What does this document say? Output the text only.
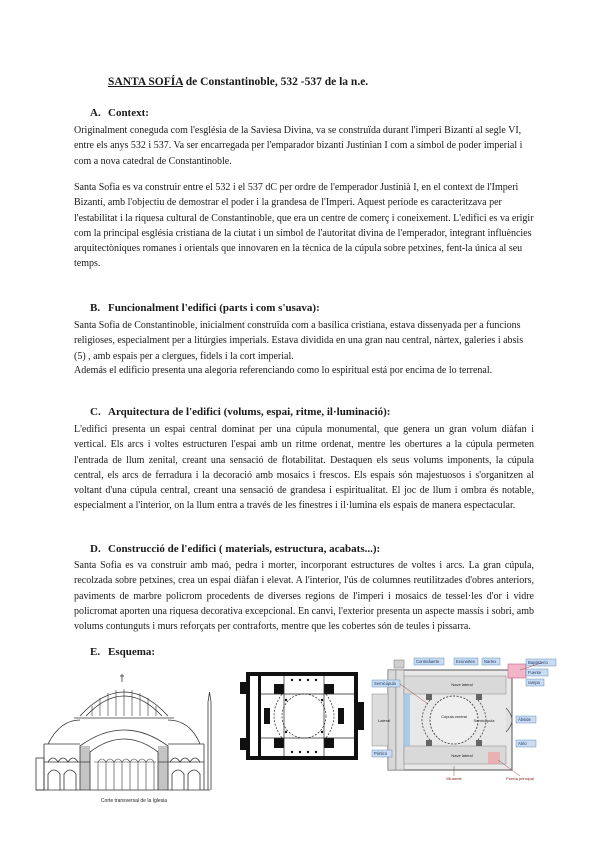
SANTA SOFÍA de Constantinoble, 532 -537 de la n.e.
A. Context:

Originalment coneguda com l'església de la Saviesa Divina, va se construïda durant l'imperi Bizantí al segle VI, entre els anys 532 i 537. Va ser encarregada per l'emparador bizantí Justinian I com a símbol de poder imperial i com a nova catedral de Constantinoble.

Santa Sofia es va construir entre el 532 i el 537 dC per ordre de l'emperador Justinià I, en el context de l'Imperi Bizantí, amb l'objectiu de demostrar el poder i la grandesa de l'Imperi. Aquest període es caracteritzava per l'estabilitat i la riquesa cultural de Constantinoble, que era un centre de comerç i coneixement. L'edifici es va erigir com la principal església cristiana de la ciutat i un símbol de l'autoritat divina de l'emperador, integrant influències arquitectòniques romanes i orientals que innovaren en la tècnica de la cúpula sobre petxines, fent-la única al seu temps.

B. Funcionalment l'edifici (parts i com s'usava):

Santa Sofia de Constantinoble, inicialment construïda com a basílica cristiana, estava dissenyada per a funcions religioses, especialment per a litúrgies imperials. Estava dividida en una gran nau central, nàrtex, galeries i absis (5) , amb espais per a clergues, fidels i la cort imperial.

Además el edificio presenta una alegoria referenciando como lo espiritual está por encima de lo terrenal.

C. Arquitectura de l'edifici (volums, espai, ritme, il·luminació):

L'edifici presenta un espai central dominat per una cúpula monumental, que genera un gran volum diàfan i vertical. Els arcs i voltes estructuren l'espai amb un ritme ordenat, mentre les obertures a la cúpula permeten l'entrada de llum zenital, creant una sensació de flotabilitat. Destaquen els seus volums imponents, la cúpula central, els arcs de ferradura i la decoració amb mosaics i frescos. Els espais són majestuosos i s'organitzen al voltant d'una cúpula central, creant una sensació de grandesa i espiritualitat. El joc de llum i ombra és notable, especialment a l'interior, on la llum entra a través de les finestres i il·lumina els espais de manera espectacular.

D. Construcció de l'edifici ( materials, estructura, acabats...):

Santa Sofia es va construir amb maó, pedra i morter, incorporant estructures de voltes i arcs. La gran cúpula, recolzada sobre petxines, crea un espai diàfan i elevat. A l'interior, l'ús de columnes reutilitzades d'obres anteriors, paviments de marbre policrom procedents de diverses regions de l'imperi i mosaics de tessel·les d'or i vidre policromat aporten una riquesa decorativa excepcional. En canvi, l'exterior presenta un aspecte massís i sobri, amb volums contunguts i murs reforçats per contraforts, mentre que les cobertes són de teules i pissarra.

E. Esquema:
Corte transversal de la Iglesia
Baptisterio
Fuente
rampa
Contrafuerte	Exonartex Nartex
Semicúpula
Pórtico
Ábside
Atrio
Cúpula central
Nave lateral
Nave lateral
Semicúpula
Lateral
Minarete	Puerta principal
